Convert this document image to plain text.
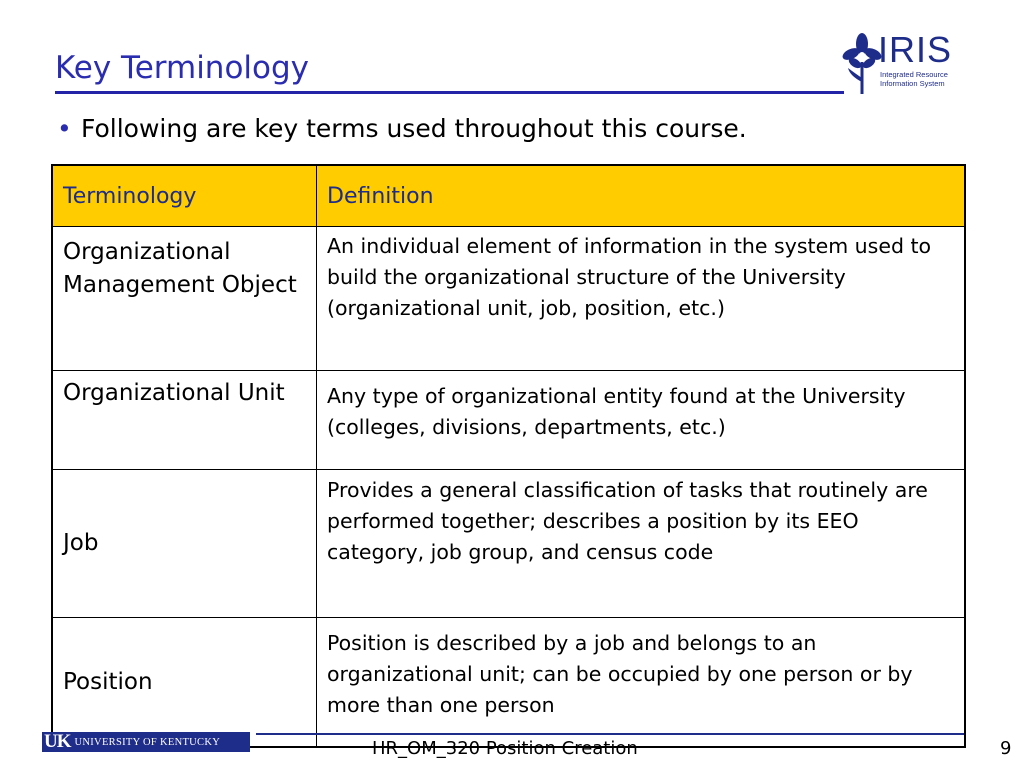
Key Terminology	IRIS
Integrated Resource
Information System
• Following are key terms used throughout this course.
Terminology	Definition
Organizational Management Object	An individual element of information in the system used to build the organizational structure of the University (organizational unit, job, position, etc.)
Organizational Unit	Any type of organizational entity found at the University (colleges, divisions, departments, etc.)
Job	Provides a general classification of tasks that routinely are performed together; describes a position by its EEO category, job group, and census code
Position	Position is described by a job and belongs to an organizational unit; can be occupied by one person or by more than one person
UK UNIVERSITY OF KENTUCKY	HR_OM_320 Position Creation	9
